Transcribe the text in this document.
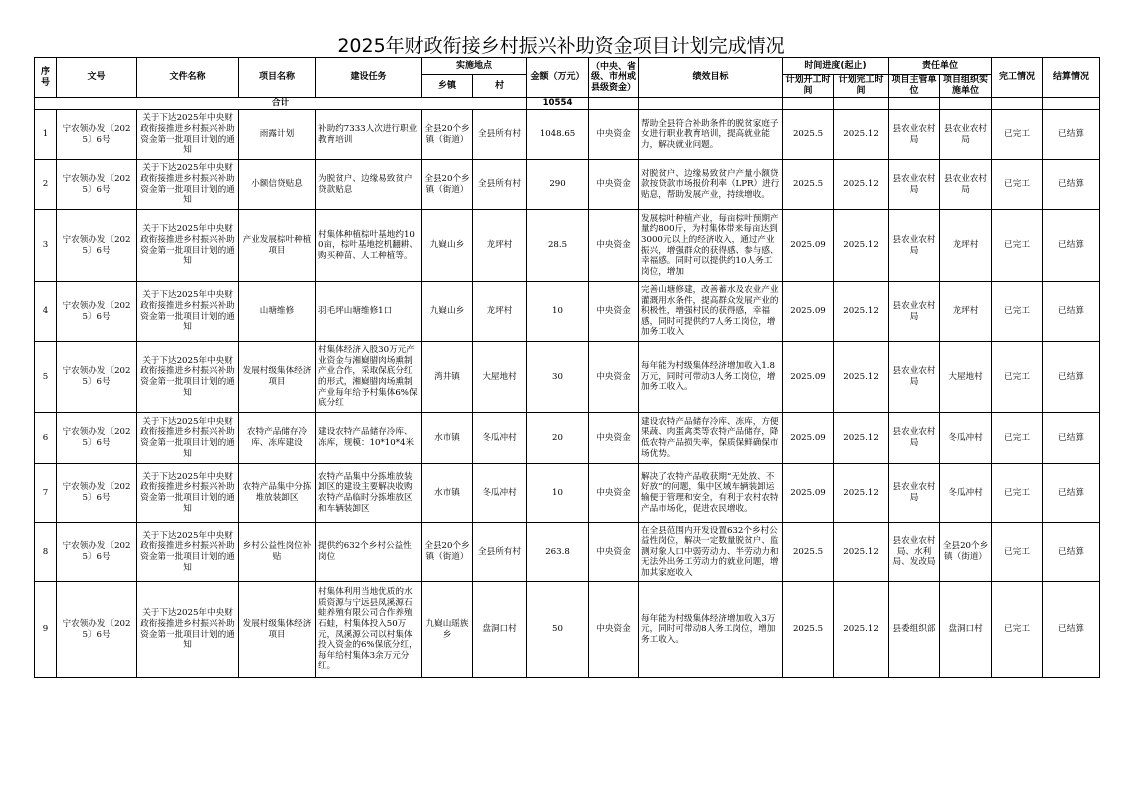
2025年财政衔接乡村振兴补助资金项目计划完成情况
序号	文号	文件名称	项目名称	建设任务	实施地点		金额（万元）	（中央、省级、市州或县级资金）	绩效目标	时间进度(起止)		责任单位		完工情况	结算情况
					乡镇	村				计划开工时间	计划完工时间	项目主管单位	项目组织实施单位		
合计							10554								
1	宁农领办发〔2025〕6号	关于下达2025年中央财政衔接推进乡村振兴补助资金第一批项目计划的通知	雨露计划	补助约7333人次进行职业教育培训	全县20个乡镇（街道）	全县所有村	1048.65	中央资金	帮助全县符合补助条件的脱贫家庭子女进行职业教育培训，提高就业能力，解决就业问题。	2025.5	2025.12	县农业农村局	县农业农村局	已完工	已结算
2	宁农领办发〔2025〕6号	关于下达2025年中央财政衔接推进乡村振兴补助资金第一批项目计划的通知	小额信贷贴息	为脱贫户、边缘易致贫户贷款贴息	全县20个乡镇（街道）	全县所有村	290	中央资金	对脱贫户、边缘易致贫户产量小额贷款按贷款市场报价利率（LPR）进行贴息，帮助发展产业，持续增收。	2025.5	2025.12	县农业农村局	县农业农村局	已完工	已结算
3	宁农领办发〔2025〕6号	关于下达2025年中央财政衔接推进乡村振兴补助资金第一批项目计划的通知	产业发展棕叶种植项目	村集体种植棕叶基地约100亩，棕叶基地挖机翻耕、购买种苗、人工种植等。	九嶷山乡	龙坪村	28.5	中央资金	发展棕叶种植产业，每亩棕叶预期产量约800斤，为村集体带来每亩达到3000元以上的经济收入，通过产业振兴，增强群众的获得感、参与感、幸福感。同时可以提供约10人务工岗位，增加	2025.09	2025.12	县农业农村局	龙坪村	已完工	已结算
4	宁农领办发〔2025〕6号	关于下达2025年中央财政衔接推进乡村振兴补助资金第一批项目计划的通知	山塘维修	羽毛坪山塘维修1口	九嶷山乡	龙坪村	10	中央资金	完善山塘修建，改善蓄水及农业产业灌溉用水条件，提高群众发展产业的积极性，增强村民的获得感，幸福感，同时可提供约7人务工岗位，增加务工收入	2025.09	2025.12	县农业农村局	龙坪村	已完工	已结算
5	宁农领办发〔2025〕6号	关于下达2025年中央财政衔接推进乡村振兴补助资金第一批项目计划的通知	发展村级集体经济项目	村集体经济入股30万元产业资金与湘嶷腊肉场熏制产业合作，采取保底分红的形式，湘嶷腊肉场熏制产业每年给予村集体6%保底分红	湾井镇	大屋地村	30	中央资金	每年能为村级集体经济增加收入1.8万元，同时可带动3人务工岗位，增加务工收入。	2025.09	2025.12	县农业农村局	大屋地村	已完工	已结算
6	宁农领办发〔2025〕6号	关于下达2025年中央财政衔接推进乡村振兴补助资金第一批项目计划的通知	农特产品储存冷库、冻库建设	建设农特产品储存冷库、冻库，规模：10*10*4米	水市镇	冬瓜冲村	20	中央资金	建设农特产品储存冷库、冻库，方便果蔬、肉蛋禽类等农特产品储存，降低农特产品损失率，保质保鲜确保市场优势。	2025.09	2025.12	县农业农村局	冬瓜冲村	已完工	已结算
7	宁农领办发〔2025〕6号	关于下达2025年中央财政衔接推进乡村振兴补助资金第一批项目计划的通知	农特产品集中分拣堆放装卸区	农特产品集中分拣堆放装卸区的建设主要解决收购农特产品临时分拣堆放区和车辆装卸区	水市镇	冬瓜冲村	10	中央资金	解决了农特产品收获期“无处放、不好放”的问题，集中区域车辆装卸运输便于管理和安全，有利于农村农特产品市场化，促进农民增收。	2025.09	2025.12	县农业农村局	冬瓜冲村	已完工	已结算
8	宁农领办发〔2025〕6号	关于下达2025年中央财政衔接推进乡村振兴补助资金第一批项目计划的通知	乡村公益性岗位补贴	提供约632个乡村公益性岗位	全县20个乡镇（街道）	全县所有村	263.8	中央资金	在全县范围内开发设置632个乡村公益性岗位，解决一定数量脱贫户、监测对象人口中弱劳动力、半劳动力和无法外出务工劳动力的就业问题，增加其家庭收入	2025.5	2025.12	县农业农村局、水利局、发改局	全县20个乡镇（街道）	已完工	已结算
9	宁农领办发〔2025〕6号	关于下达2025年中央财政衔接推进乡村振兴补助资金第一批项目计划的通知	发展村级集体经济项目	村集体利用当地优质的水质资源与宁远县凤溪源石蛙养殖有限公司合作养殖石蛙，村集体投入50万元，凤溪源公司以村集体投入资金的6%保底分红，每年给村集体3余万元分红。	九嶷山瑶族乡	盘洞口村	50	中央资金	每年能为村级集体经济增加收入3万元，同时可带动8人务工岗位，增加务工收入。	2025.5	2025.12	县委组织部	盘洞口村	已完工	已结算
